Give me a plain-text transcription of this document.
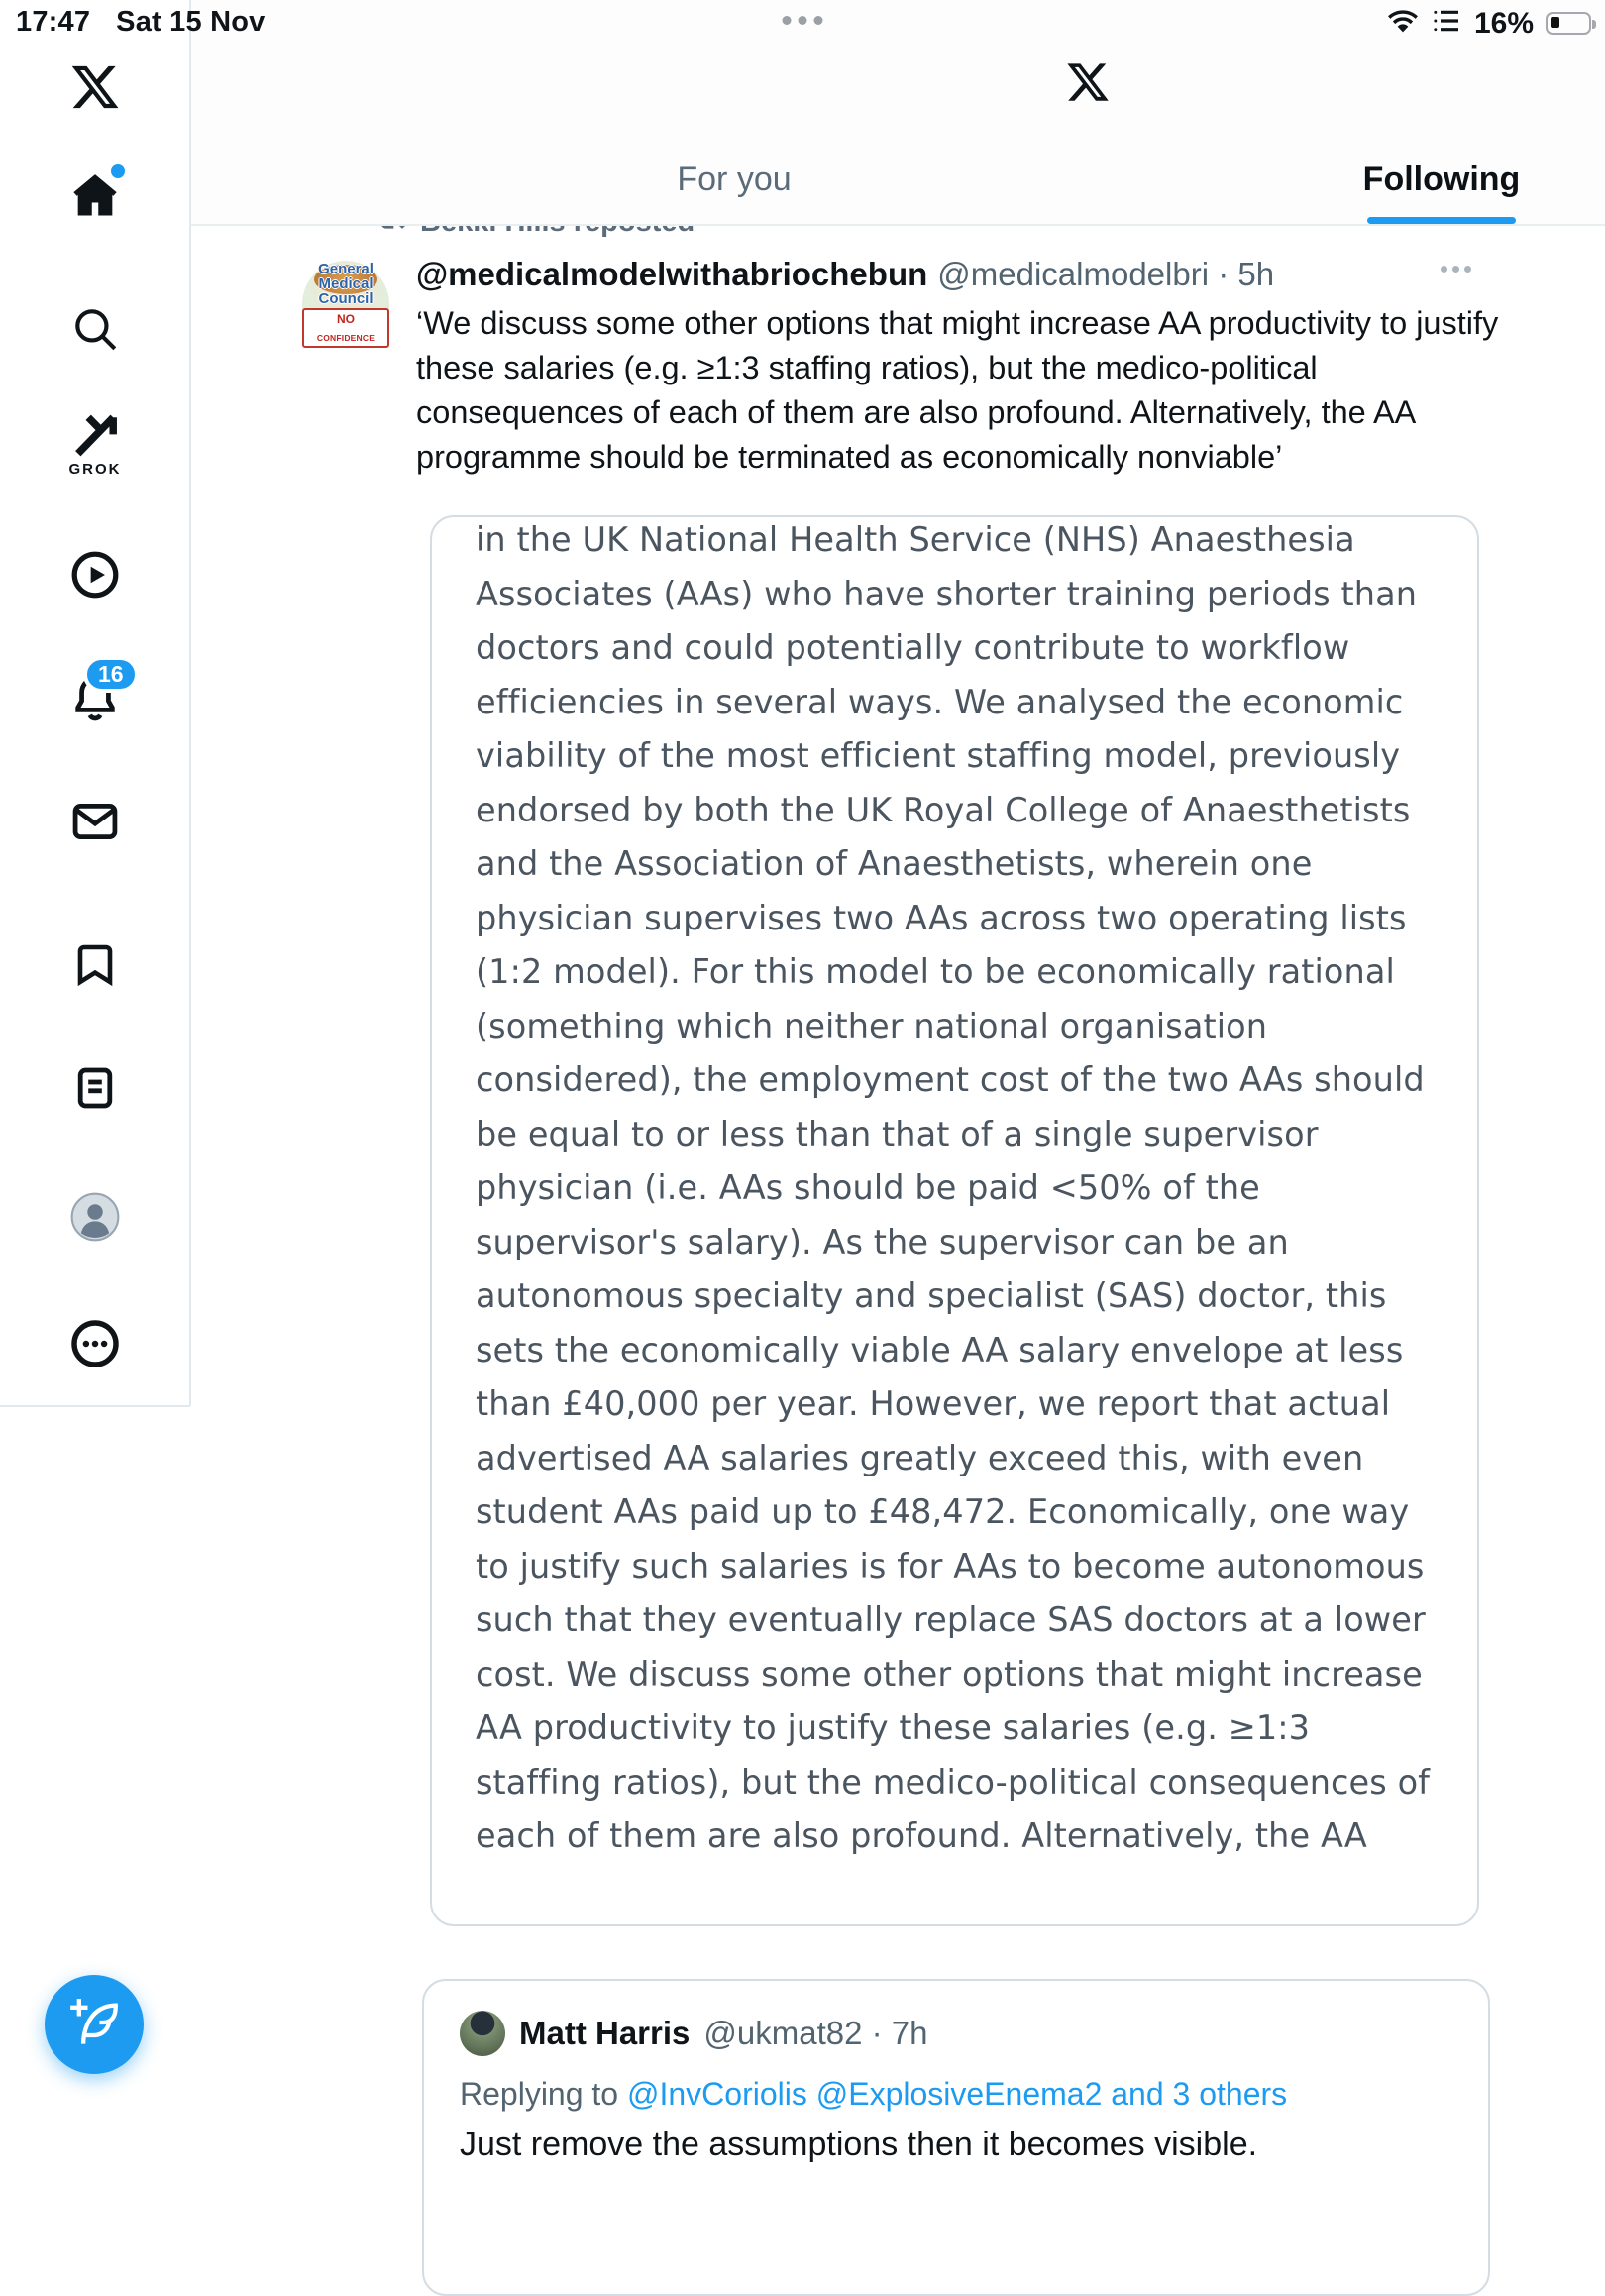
General
Medical
Council
NO CONFIDENCE
@medicalmodelwithabriochebun @medicalmodelbri · 5h
‘We discuss some other options that might increase AA productivity to justify these salaries (e.g. ≥1:3 staffing ratios), but the medico-political consequences of each of them are also profound. Alternatively, the AA programme should be terminated as economically nonviable’
in the UK National Health Service (NHS) Anaesthesia Associates (AAs) who have shorter training periods than doctors and could potentially contribute to workflow efficiencies in several ways. We analysed the economic viability of the most efficient staffing model, previously endorsed by both the UK Royal College of Anaesthetists and the Association of Anaesthetists, wherein one physician supervises two AAs across two operating lists (1:2 model). For this model to be economically rational (something which neither national organisation considered), the employment cost of the two AAs should be equal to or less than that of a single supervisor physician (i.e. AAs should be paid <50% of the supervisor's salary). As the supervisor can be an autonomous specialty and specialist (SAS) doctor, this sets the economically viable AA salary envelope at less than £40,000 per year. However, we report that actual advertised AA salaries greatly exceed this, with even student AAs paid up to £48,472. Economically, one way to justify such salaries is for AAs to become autonomous such that they eventually replace SAS doctors at a lower cost. We discuss some other options that might increase AA productivity to justify these salaries (e.g. ≥1:3 staffing ratios), but the medico-political consequences of each of them are also profound. Alternatively, the AA
Matt Harris @ukmat82 · 7h
Replying to @InvCoriolis @ExplosiveEnema2 and 3 others
Just remove the assumptions then it becomes visible.
For you	Following
GROK
16
17:47 Sat 15 Nov	16%
